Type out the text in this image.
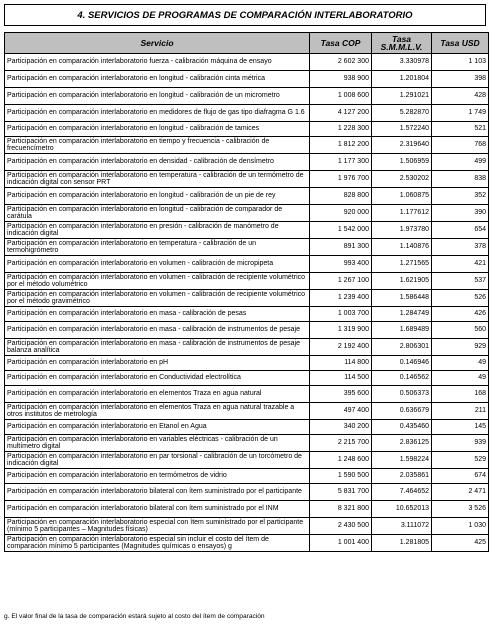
4. SERVICIOS DE PROGRAMAS DE COMPARACIÓN INTERLABORATORIO
Servicio	Tasa COP	Tasa S.M.M.L.V.	Tasa USD
Participación en comparación interlaboratorio fuerza - calibración máquina de ensayo	2 602 300	3.330978	1 103
Participación en comparación interlaboratorio en longitud - calibración cinta métrica	938 900	1.201804	398
Participación en comparación interlaboratorio en longitud - calibración de un micrometro	1 008 600	1.291021	428
Participación en comparación interlaboratorio en medidores de flujo de gas tipo diafragma G 1.6	4 127 200	5.282870	1 749
Participación en comparación interlaboratorio en longitud - calibración de tamices	1 228 300	1.572240	521
Participación en comparación interlaboratorio en tiempo y frecuencia - calibración de frecuencímetro	1 812 200	2.319640	768
Participación en comparación interlaboratorio en densidad - calibración de densímetro	1 177 300	1.506959	499
Participación en comparación interlaboratorio en temperatura - calibración de un termómetro de indicación digital con sensor PRT	1 976 700	2.530202	838
Participación en comparación interlaboratorio en longitud - calibración de un pie de rey	828 800	1.060875	352
Participación en comparación interlaboratorio en longitud - calibración de comparador de carátula	920 000	1.177612	390
Participación en comparación interlaboratorio en presión - calibración de manómetro de indicación digital	1 542 000	1.973780	654
Participación en comparación interlaboratorio en temperatura - calibración de un termohigrómetro	891 300	1.140876	378
Participación en comparación interlaboratorio en volumen - calibración de micropipeta	993 400	1.271565	421
Participación en comparación interlaboratorio en volumen - calibración de recipiente volumétrico por el método volumétrico	1 267 100	1.621905	537
Participación en comparación interlaboratorio en volumen - calibración de recipiente volumétrico por el método gravimétrico	1 239 400	1.586448	526
Participación en comparación interlaboratorio en masa - calibración de pesas	1 003 700	1.284749	426
Participación en comparación interlaboratorio en masa - calibración de instrumentos de pesaje	1 319 900	1.689489	560
Participación en comparación interlaboratorio en masa - calibración de instrumentos de pesaje balanza analítica	2 192 400	2.806301	929
Participación en comparación interlaboratorio en pH	114 800	0.146946	49
Participación en comparación interlaboratorio en Conductividad electrolítica	114 500	0.146562	49
Participación en comparación interlaboratorio en elementos Traza en agua natural	395 600	0.506373	168
Participación en comparación interlaboratorio en elementos Traza en agua natural trazable a otros institutos de metrología	497 400	0.636679	211
Participación en comparación interlaboratorio en Etanol en Agua	340 200	0.435460	145
Participación en comparación interlaboratorio en variables eléctricas - calibración de un multímetro digital	2 215 700	2.836125	939
Participación en comparación interlaboratorio en par torsional - calibración de un torcómetro de indicación digital	1 248 600	1.598224	529
Participación en comparación interlaboratorio en termómetros de vidrio	1 590 500	2.035861	674
Participación en comparación interlaboratorio bilateral con ítem suministrado por el participante	5 831 700	7.464652	2 471
Participación en comparación interlaboratorio bilateral con ítem suministrado por el INM	8 321 800	10.652013	3 526
Participación en comparación interlaboratorio especial con ítem suministrado por el participante (mínimo 5 participantes – Magnitudes físicas)	2 430 500	3.111072	1 030
Participación en comparación interlaboratorio especial sin incluir el costo del ítem de comparación mínimo 5 participantes (Magnitudes químicas o ensayos) g	1 001 400	1.281805	425
g. El valor final de la tasa de comparación estará sujeto al costo del ítem de comparación
